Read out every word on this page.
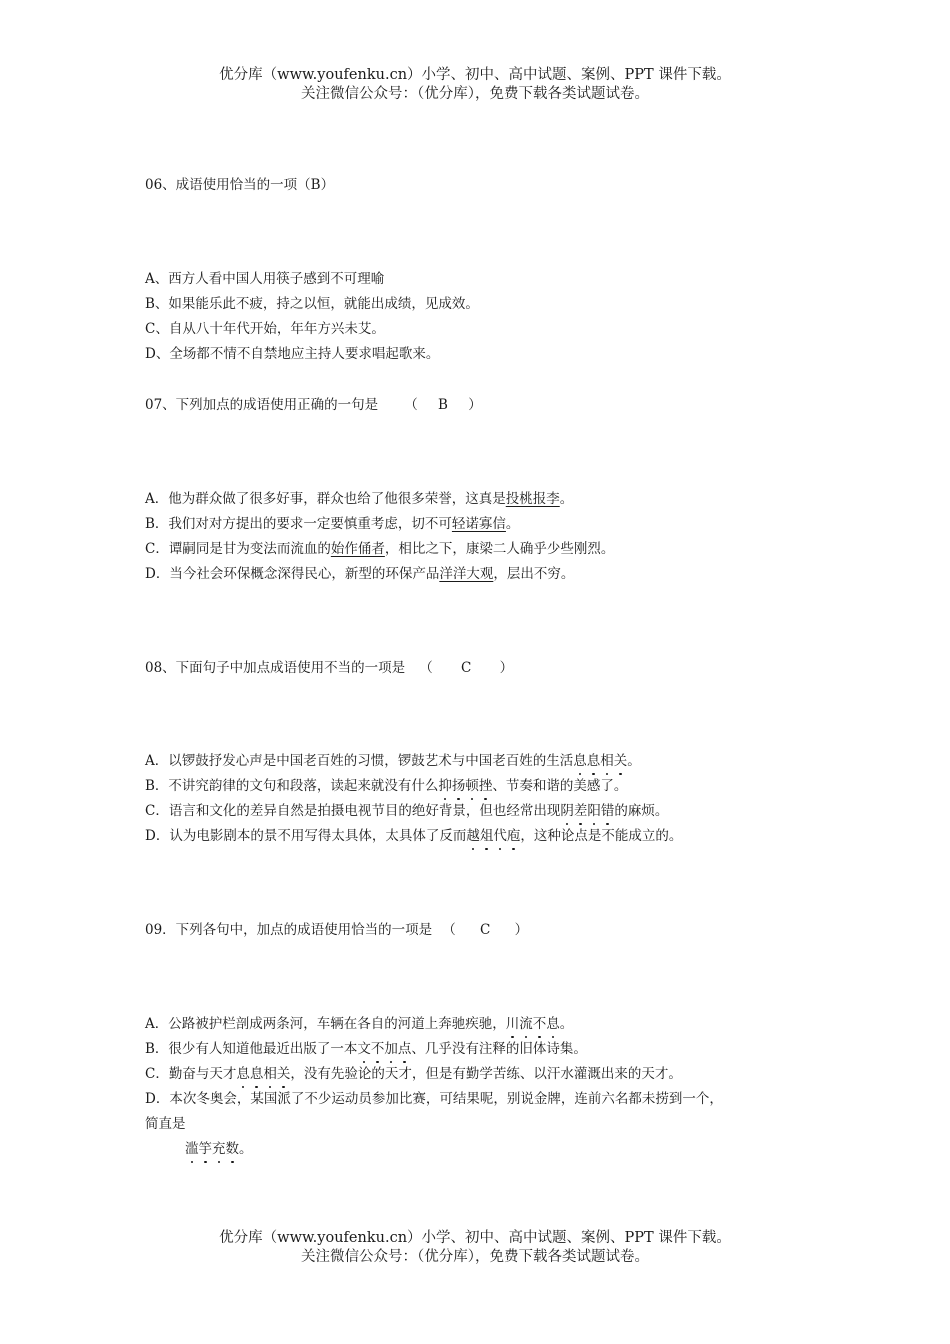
优分库（www.youfenku.cn）小学、初中、高中试题、案例、PPT 课件下载。
关注微信公众号：（优分库），免费下载各类试题试卷。
06、成语使用恰当的一项（B）
A、西方人看中国人用筷子感到不可理喻
B、如果能乐此不疲，持之以恒，就能出成绩，见成效。
C、自从八十年代开始，年年方兴未艾。
D、全场都不情不自禁地应主持人要求唱起歌来。
07、下列加点的成语使用正确的一句是 （ B ）
A．他为群众做了很多好事，群众也给了他很多荣誉，这真是投桃报李。
B．我们对对方提出的要求一定要慎重考虑，切不可轻诺寡信。
C．谭嗣同是甘为变法而流血的始作俑者，相比之下，康梁二人确乎少些刚烈。
D．当今社会环保概念深得民心，新型的环保产品洋洋大观，层出不穷。
08、下面句子中加点成语使用不当的一项是 （ C ）
A．以锣鼓抒发心声是中国老百姓的习惯，锣鼓艺术与中国老百姓的生活息息相关。
B．不讲究韵律的文句和段落，读起来就没有什么抑扬顿挫、节奏和谐的美感了。
C．语言和文化的差异自然是拍摄电视节目的绝好背景，但也经常出现阴差阳错的麻烦。
D．认为电影剧本的景不用写得太具体，太具体了反而越俎代庖，这种论点是不能成立的。
09．下列各句中，加点的成语使用恰当的一项是 （ C ）
A．公路被护栏剖成两条河，车辆在各自的河道上奔驰疾驰，川流不息。
B．很少有人知道他最近出版了一本文不加点、几乎没有注释的旧体诗集。
C．勤奋与天才息息相关，没有先验论的天才，但是有勤学苦练、以汗水灌溉出来的天才。
D．本次冬奥会，某国派了不少运动员参加比赛，可结果呢，别说金牌，连前六名都未捞到一个，
简直是
滥竽充数。
优分库（www.youfenku.cn）小学、初中、高中试题、案例、PPT 课件下载。
关注微信公众号：（优分库），免费下载各类试题试卷。
